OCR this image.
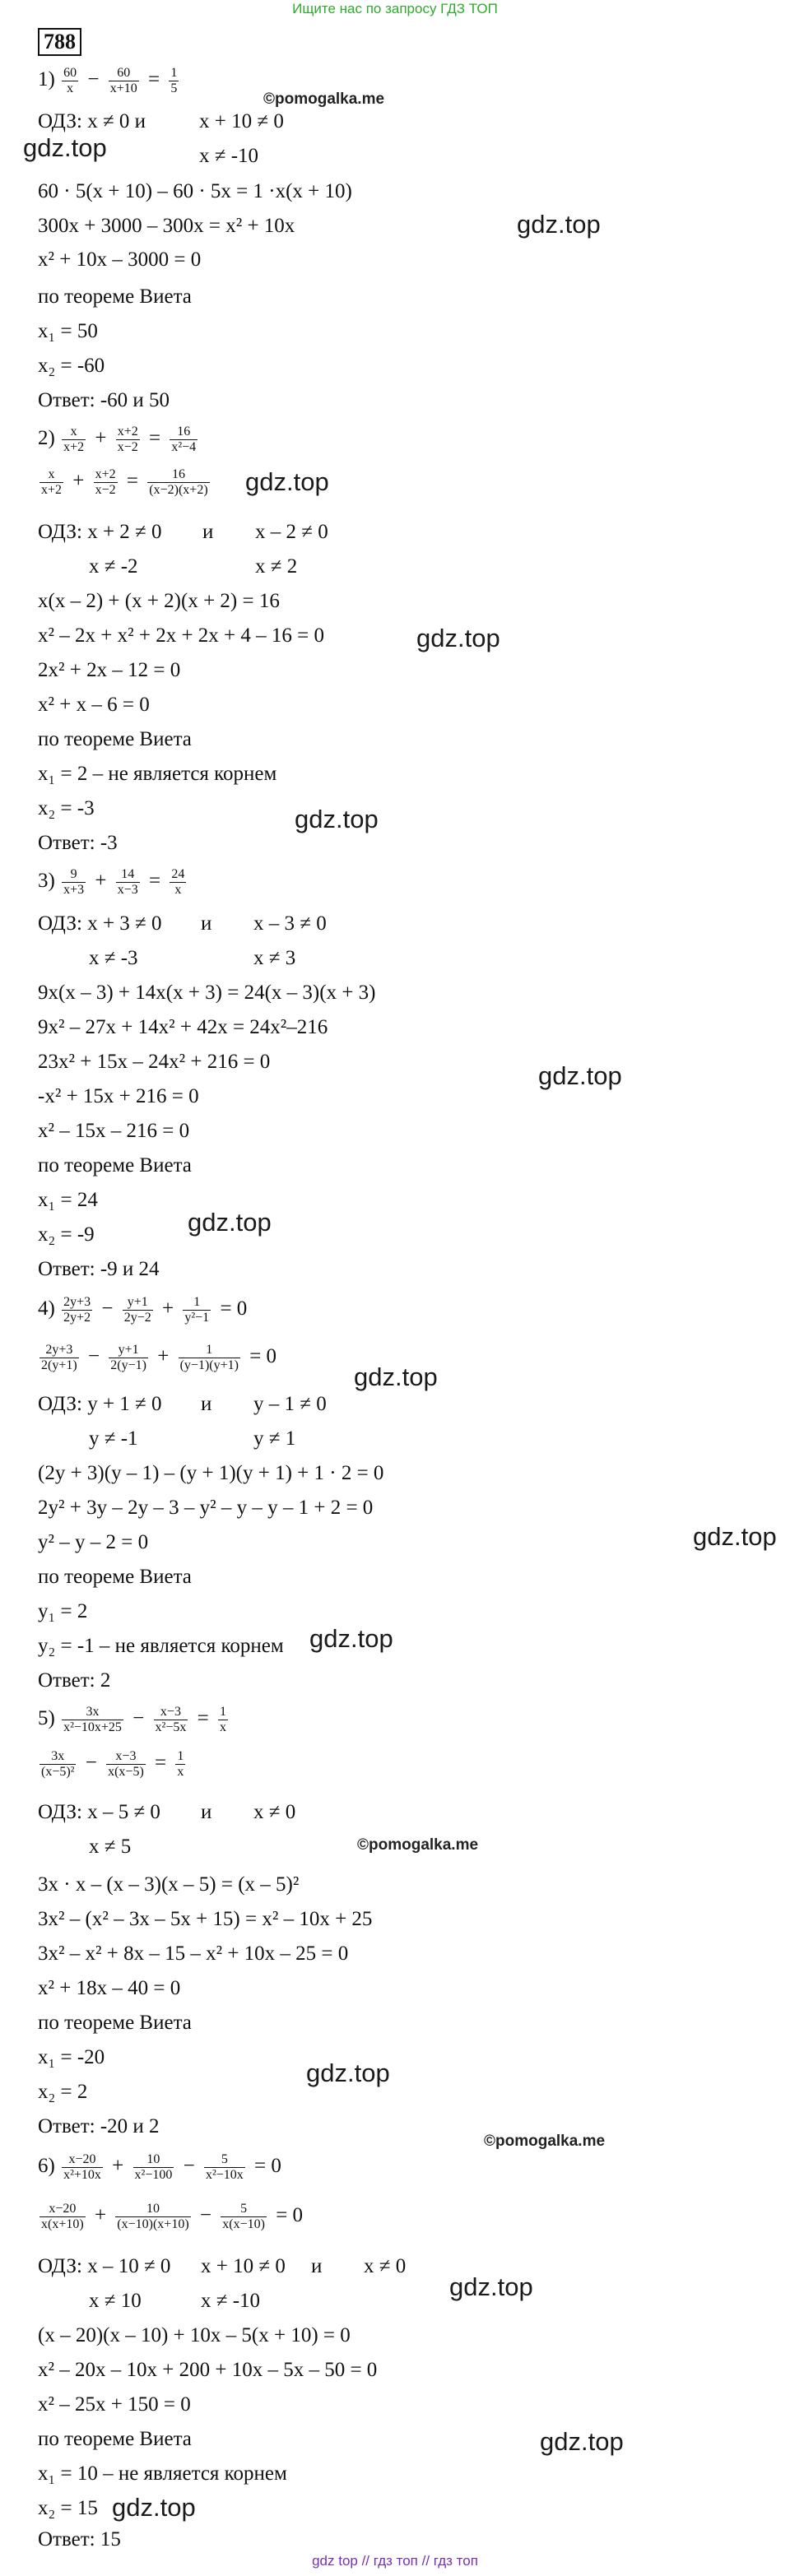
Ищите нас по запросу ГДЗ ТОП
788
$1) \frac{60}{x} - \frac{60}{x+10} = \frac{1}{5}$
©pomogalka.me
ОДЗ: x ≠ 0 и	x + 10 ≠ 0
gdz.top	x ≠ -10
60 · 5(x + 10) – 60 · 5x = 1 ·x(x + 10)
gdz.top
300x + 3000 – 300x = x² + 10x
x² + 10x – 3000 = 0
по теореме Виета
x₁ = 50
x₂ = -60
Ответ: -60 и 50
$2) \frac{x}{x+2} + \frac{x+2}{x-2} = \frac{16}{\text{x²−4}}$
$\frac{x}{x+2} + \frac{x+2}{x-2} = \frac{16}{(x-2)(x+2)} gdz.top$
ОДЗ: x + 2 ≠ 0 и x – 2 ≠ 0
x ≠ -2	x ≠ 2
x(x – 2) + (x + 2)(x + 2) = 16
gdz.top
x² – 2x + x² + 2x + 2x + 4 – 16 = 0
2x² + 2x – 12 = 0
x² + x – 6 = 0
по теореме Виета
x₁ = 2 – не является корнем
gdz.top
x₂ = -3
Ответ: -3
$3) \frac{9}{x+3} + \frac{14}{x-3} = \frac{24}{x}$
ОДЗ: x + 3 ≠ 0 и x – 3 ≠ 0
x ≠ -3	x ≠ 3
9x(x – 3) + 14x(x + 3) = 24(x – 3)(x + 3)
9x² – 27x + 14x² + 42x = 24x²–216
23x² + 15x – 24x² + 216 = 0	gdz.top
-x² + 15x + 216 = 0
x² – 15x – 216 = 0
по теореме Виета
x₁ = 24
gdz.top
x₂ = -9
Ответ: -9 и 24
$4) \frac{2y+3}{2y+2} - \frac{y+1}{2y-2} + \frac{1}{\text{y²−1}} = 0$
$\frac{2y+3}{2(y+1)} - \frac{y+1}{2(y-1)} + \frac{1}{(y-1)(y+1)} = 0$
gdz.top
ОДЗ: y + 1 ≠ 0 и y – 1 ≠ 0
y ≠ -1	y ≠ 1
(2y + 3)(y – 1) – (y + 1)(y + 1) + 1 · 2 = 0
2y² + 3y – 2y – 3 – y² – y – y – 1 + 2 = 0
gdz.top
y² – y – 2 = 0
по теореме Виета
y₁ = 2
gdz.top
y₂ = -1 – не является корнем
Ответ: 2
$5) \frac{3x}{\text{x²−10x+25}} - \frac{x-3}{\text{x²−5x}} = \frac{1}{x}$
$\frac{3x}{\text{(x−5)²}} - \frac{x-3}{x(x-5)} = \frac{1}{x}$
ОДЗ: x – 5 ≠ 0 и x ≠ 0
©pomogalka.me
x ≠ 5
3x · x – (x – 3)(x – 5) = (x – 5)²
3x² – (x² – 3x – 5x + 15) = x² – 10x + 25
3x² – x² + 8x – 15 – x² + 10x – 25 = 0
x² + 18x – 40 = 0
по теореме Виета
x₁ = -20
gdz.top
x₂ = 2
Ответ: -20 и 2
©pomogalka.me
$6) \frac{x-20}{\text{x²+10x}} + \frac{10}{\text{x²−100}} - \frac{5}{\text{x²−10x}} = 0$
$\frac{x-20}{x(x+10)} + \frac{10}{(x-10)(x+10)} - \frac{5}{x(x-10)} = 0$
ОДЗ: x – 10 ≠ 0 x + 10 ≠ 0 и x ≠ 0
gdz.top
x ≠ 10	x ≠ -10
(x – 20)(x – 10) + 10x – 5(x + 10) = 0
x² – 20x – 10x + 200 + 10x – 5x – 50 = 0
x² – 25x + 150 = 0
по теореме Виета	gdz.top
x₁ = 10 – не является корнем
x₂ = 15 gdz.top
Ответ: 15
gdz top // гдз топ // гдз топ
